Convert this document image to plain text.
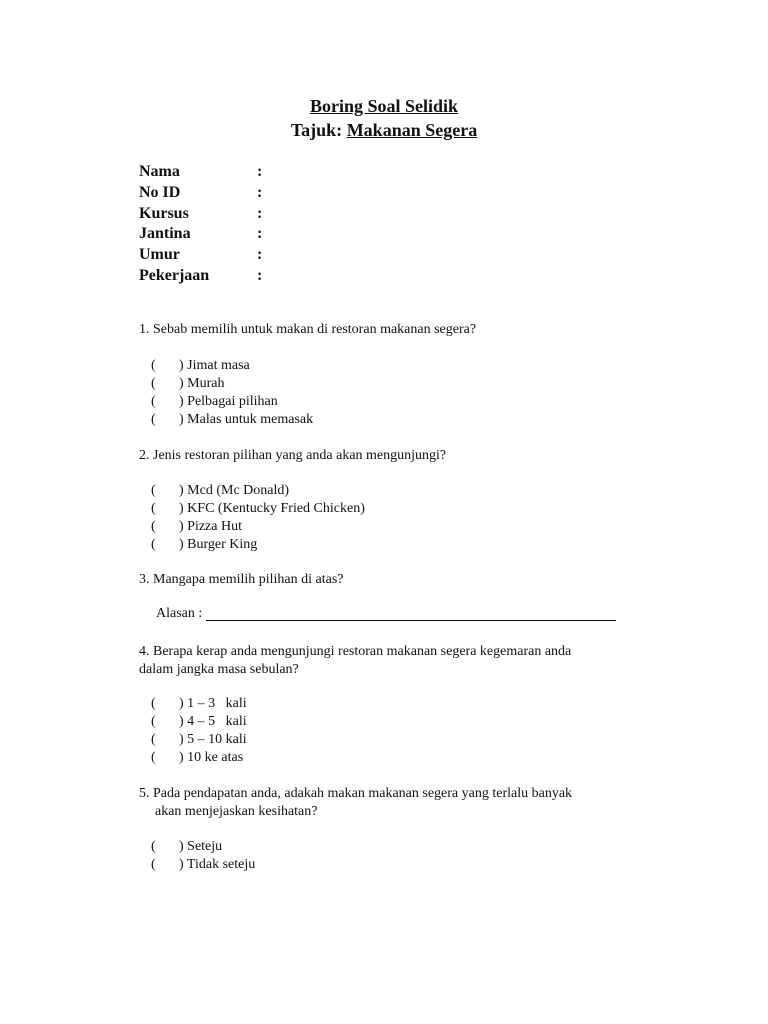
Boring Soal Selidik
Tajuk: Makanan Segera
Nama	:
No ID	:
Kursus	:
Jantina	:
Umur	:
Pekerjaan	:
1. Sebab memilih untuk makan di restoran makanan segera?
( ) Jimat masa
( ) Murah
( ) Pelbagai pilihan
( ) Malas untuk memasak
2. Jenis restoran pilihan yang anda akan mengunjungi?
( ) Mcd (Mc Donald)
( ) KFC (Kentucky Fried Chicken)
( ) Pizza Hut
( ) Burger King
3. Mangapa memilih pilihan di atas?
Alasan :
4. Berapa kerap anda mengunjungi restoran makanan segera kegemaran anda
dalam jangka masa sebulan?
( ) 1 – 3   kali
( ) 4 – 5   kali
( ) 5 – 10 kali
( ) 10 ke atas
5. Pada pendapatan anda, adakah makan makanan segera yang terlalu banyak
akan menjejaskan kesihatan?
( ) Seteju
( ) Tidak seteju
